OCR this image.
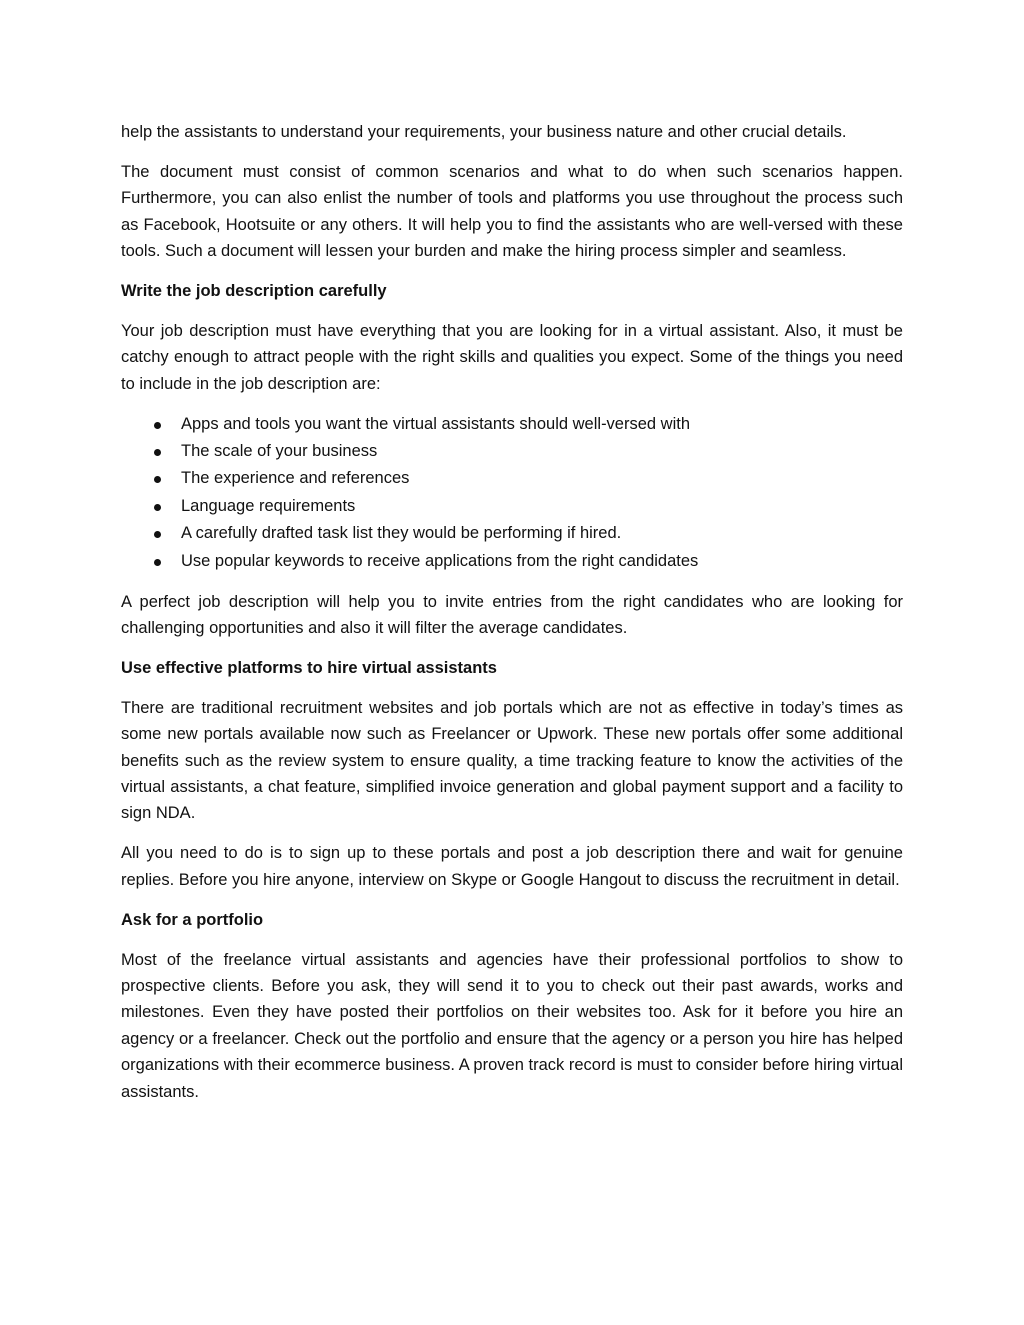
help the assistants to understand your requirements, your business nature and other crucial details.

The document must consist of common scenarios and what to do when such scenarios happen. Furthermore, you can also enlist the number of tools and platforms you use throughout the process such as Facebook, Hootsuite or any others. It will help you to find the assistants who are well-versed with these tools. Such a document will lessen your burden and make the hiring process simpler and seamless.

Write the job description carefully

Your job description must have everything that you are looking for in a virtual assistant. Also, it must be catchy enough to attract people with the right skills and qualities you expect. Some of the things you need to include in the job description are:

Apps and tools you want the virtual assistants should well-versed with
The scale of your business
The experience and references
Language requirements
A carefully drafted task list they would be performing if hired.
Use popular keywords to receive applications from the right candidates

A perfect job description will help you to invite entries from the right candidates who are looking for challenging opportunities and also it will filter the average candidates.

Use effective platforms to hire virtual assistants

There are traditional recruitment websites and job portals which are not as effective in today’s times as some new portals available now such as Freelancer or Upwork. These new portals offer some additional benefits such as the review system to ensure quality, a time tracking feature to know the activities of the virtual assistants, a chat feature, simplified invoice generation and global payment support and a facility to sign NDA.

All you need to do is to sign up to these portals and post a job description there and wait for genuine replies. Before you hire anyone, interview on Skype or Google Hangout to discuss the recruitment in detail.

Ask for a portfolio

Most of the freelance virtual assistants and agencies have their professional portfolios to show to prospective clients. Before you ask, they will send it to you to check out their past awards, works and milestones. Even they have posted their portfolios on their websites too. Ask for it before you hire an agency or a freelancer. Check out the portfolio and ensure that the agency or a person you hire has helped organizations with their ecommerce business. A proven track record is must to consider before hiring virtual assistants.
